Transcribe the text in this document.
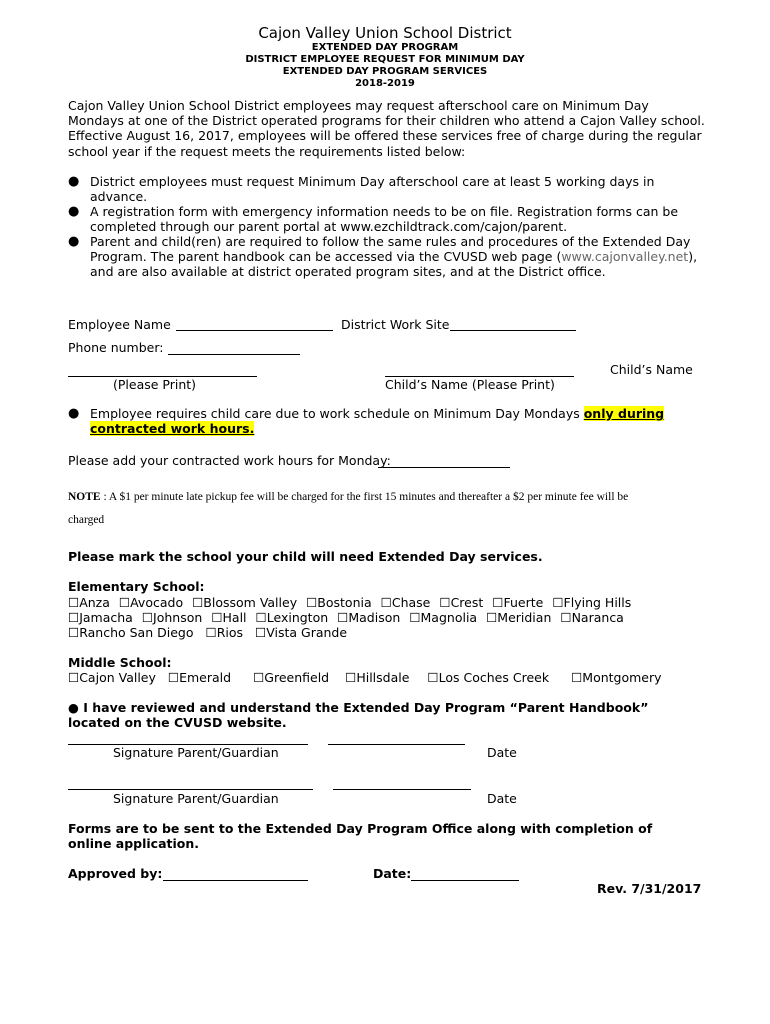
Cajon Valley Union School District
EXTENDED DAY PROGRAM
DISTRICT EMPLOYEE REQUEST FOR MINIMUM DAY
EXTENDED DAY PROGRAM SERVICES
2018-2019
Cajon Valley Union School District employees may request afterschool care on Minimum Day Mondays at one of the District operated programs for their children who attend a Cajon Valley school. Effective August 16, 2017, employees will be offered these services free of charge during the regular school year if the request meets the requirements listed below:
● District employees must request Minimum Day afterschool care at least 5 working days in advance.
● A registration form with emergency information needs to be on file. Registration forms can be completed through our parent portal at www.ezchildtrack.com/cajon/parent.
● Parent and child(ren) are required to follow the same rules and procedures of the Extended Day Program. The parent handbook can be accessed via the CVUSD web page (www.cajonvalley.net), and are also available at district operated program sites, and at the District office.
Employee Name	District Work Site
Phone number:
Child’s Name
(Please Print)	Child’s Name (Please Print)
● Employee requires child care due to work schedule on Minimum Day Mondays only during
contracted work hours.
Please add your contracted work hours for Monday:
NOTE : A $1 per minute late pickup fee will be charged for the first 15 minutes and thereafter a $2 per minute fee will be
charged
Please mark the school your child will need Extended Day services.
Elementary School:
☐Anza ☐Avocado ☐Blossom Valley ☐Bostonia ☐Chase ☐Crest ☐Fuerte ☐Flying Hills
☐Jamacha ☐Johnson ☐Hall ☐Lexington ☐Madison ☐Magnolia ☐Meridian ☐Naranca
☐Rancho San Diego ☐Rios ☐Vista Grande
Middle School:
☐Cajon Valley ☐Emerald ☐Greenfield ☐Hillsdale ☐Los Coches Creek ☐Montgomery
● I have reviewed and understand the Extended Day Program “Parent Handbook”
located on the CVUSD website.
Signature Parent/Guardian	Date
Signature Parent/Guardian	Date
Forms are to be sent to the Extended Day Program Office along with completion of
online application.
Approved by:	Date:
Rev. 7/31/2017
